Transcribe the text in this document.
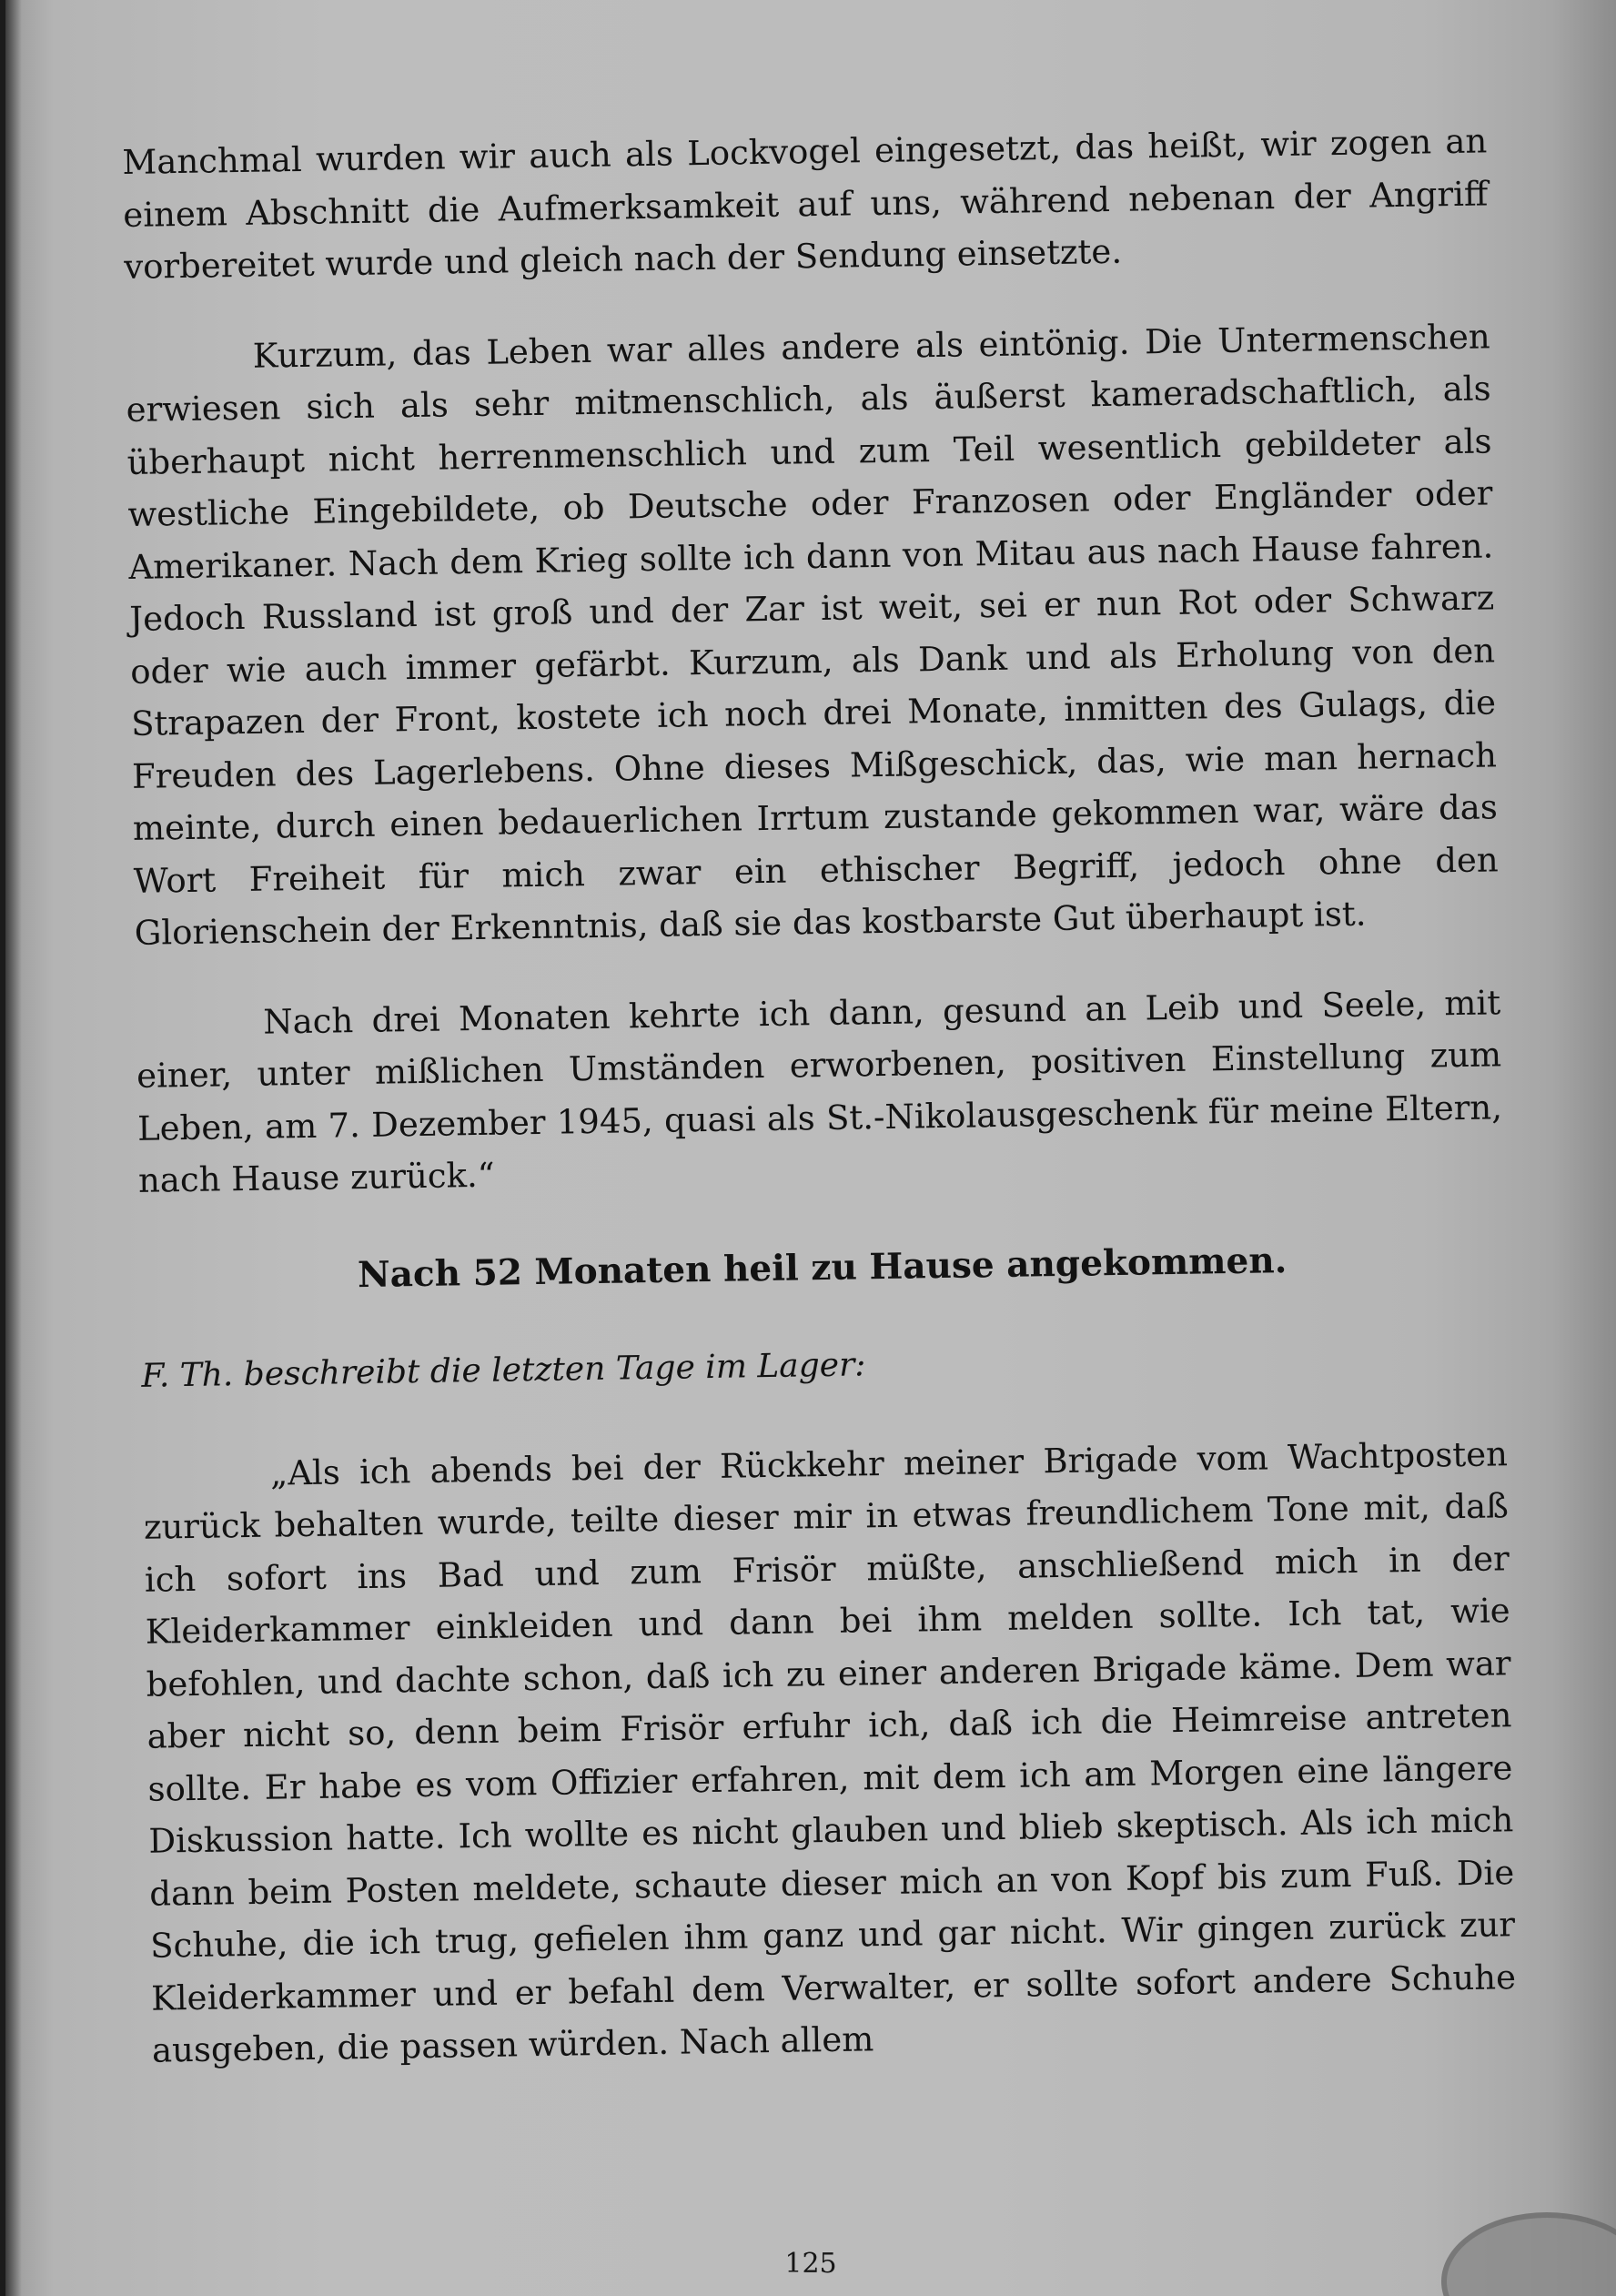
Manchmal wurden wir auch als Lockvogel eingesetzt, das heißt, wir zogen an einem Abschnitt die Aufmerksamkeit auf uns, während nebenan der Angriff vorbereitet wurde und gleich nach der Sendung einsetzte.

Kurzum, das Leben war alles andere als eintönig. Die Untermenschen erwiesen sich als sehr mitmenschlich, als äußerst kameradschaftlich, als überhaupt nicht herrenmenschlich und zum Teil wesentlich gebildeter als westliche Eingebildete, ob Deutsche oder Franzosen oder Engländer oder Amerikaner. Nach dem Krieg sollte ich dann von Mitau aus nach Hause fahren. Jedoch Russland ist groß und der Zar ist weit, sei er nun Rot oder Schwarz oder wie auch immer gefärbt. Kurzum, als Dank und als Erholung von den Strapazen der Front, kostete ich noch drei Monate, inmitten des Gulags, die Freuden des Lagerlebens. Ohne dieses Mißgeschick, das, wie man hernach meinte, durch einen bedauerlichen Irrtum zustande gekommen war, wäre das Wort Freiheit für mich zwar ein ethischer Begriff, jedoch ohne den Glorienschein der Erkenntnis, daß sie das kostbarste Gut überhaupt ist.

Nach drei Monaten kehrte ich dann, gesund an Leib und Seele, mit einer, unter mißlichen Umständen erworbenen, positiven Einstellung zum Leben, am 7. Dezember 1945, quasi als St.-Nikolausgeschenk für meine Eltern, nach Hause zurück.“

Nach 52 Monaten heil zu Hause angekommen.

F. Th. beschreibt die letzten Tage im Lager:

„Als ich abends bei der Rückkehr meiner Brigade vom Wachtposten zurück behalten wurde, teilte dieser mir in etwas freundlichem Tone mit, daß ich sofort ins Bad und zum Frisör müßte, anschließend mich in der Kleiderkammer einkleiden und dann bei ihm melden sollte. Ich tat, wie befohlen, und dachte schon, daß ich zu einer anderen Brigade käme. Dem war aber nicht so, denn beim Frisör erfuhr ich, daß ich die Heimreise antreten sollte. Er habe es vom Offizier erfahren, mit dem ich am Morgen eine längere Diskussion hatte. Ich wollte es nicht glauben und blieb skeptisch. Als ich mich dann beim Posten meldete, schaute dieser mich an von Kopf bis zum Fuß. Die Schuhe, die ich trug, gefielen ihm ganz und gar nicht. Wir gingen zurück zur Kleiderkammer und er befahl dem Verwalter, er sollte sofort andere Schuhe ausgeben, die passen würden. Nach allem

125
